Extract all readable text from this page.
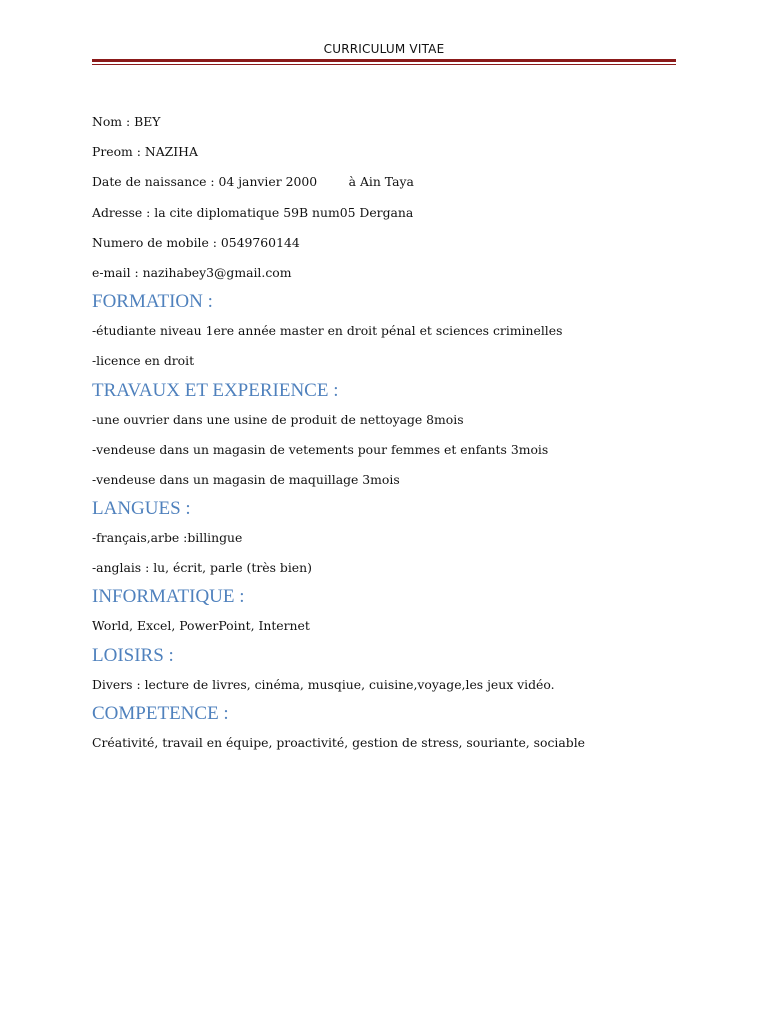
CURRICULUM VITAE

Nom : BEY

Preom : NAZIHA

Date de naissance : 04 janvier 2000        à Ain Taya

Adresse : la cite diplomatique 59B num05 Dergana

Numero de mobile : 0549760144

e-mail : nazihabey3@gmail.com

FORMATION :

-étudiante niveau 1ere année master en droit pénal et sciences criminelles

-licence en droit

TRAVAUX ET EXPERIENCE :

-une ouvrier dans une usine de produit de nettoyage 8mois

-vendeuse dans un magasin de vetements pour femmes et enfants 3mois

-vendeuse dans un magasin de maquillage 3mois

LANGUES :

-français,arbe :billingue

-anglais : lu, écrit, parle (très bien)

INFORMATIQUE :

World, Excel, PowerPoint, Internet

LOISIRS :

Divers : lecture de livres, cinéma, musqiue, cuisine,voyage,les jeux vidéo.

COMPETENCE :

Créativité, travail en équipe, proactivité, gestion de stress, souriante, sociable
